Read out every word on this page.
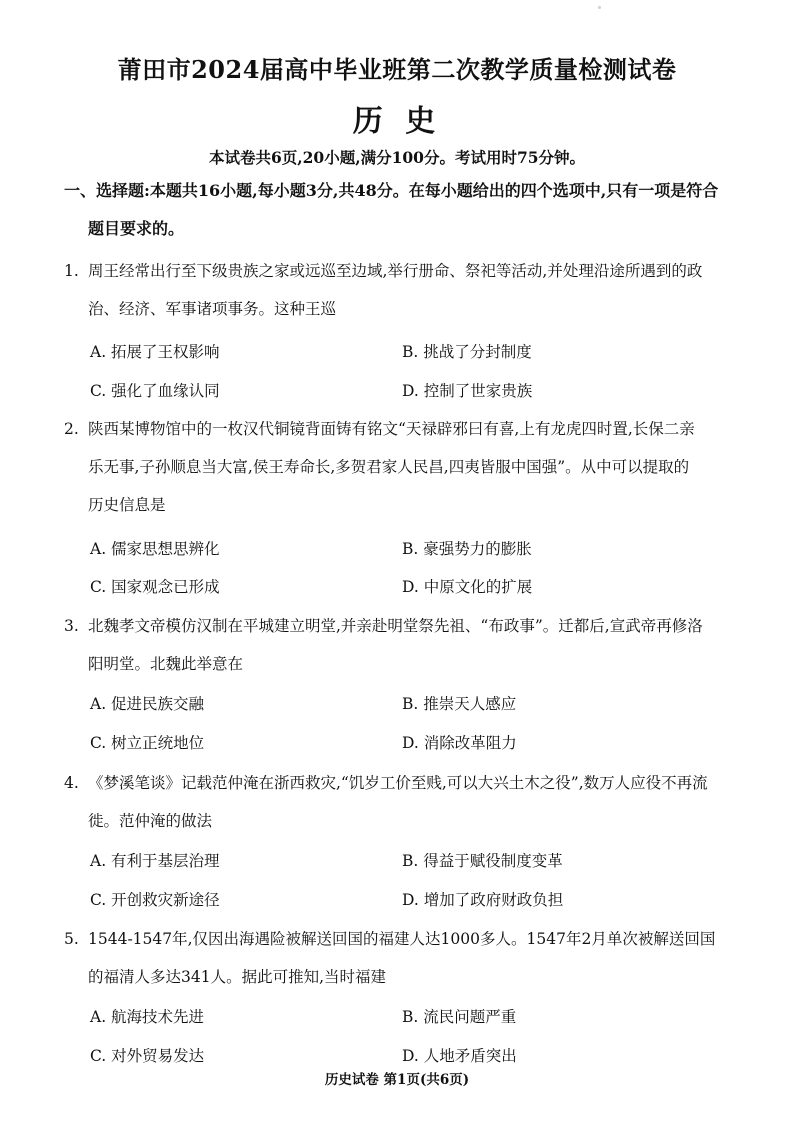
莆田市2024届高中毕业班第二次教学质量检测试卷
历 史
本试卷共6页,20小题,满分100分。考试用时75分钟。
一、选择题:本题共16小题,每小题3分,共48分。在每小题给出的四个选项中,只有一项是符合
题目要求的。
1. 周王经常出行至下级贵族之家或远巡至边域,举行册命、祭祀等活动,并处理沿途所遇到的政
治、经济、军事诸项事务。这种王巡
A. 拓展了王权影响	B. 挑战了分封制度
C. 强化了血缘认同	D. 控制了世家贵族
2. 陕西某博物馆中的一枚汉代铜镜背面铸有铭文“天禄辟邪曰有喜,上有龙虎四时置,长保二亲
乐无事,子孙顺息当大富,侯王寿命长,多贺君家人民昌,四夷皆服中国强”。从中可以提取的
历史信息是
A. 儒家思想思辨化	B. 豪强势力的膨胀
C. 国家观念已形成	D. 中原文化的扩展
3. 北魏孝文帝模仿汉制在平城建立明堂,并亲赴明堂祭先祖、“布政事”。迁都后,宣武帝再修洛
阳明堂。北魏此举意在
A. 促进民族交融	B. 推崇天人感应
C. 树立正统地位	D. 消除改革阻力
4. 《梦溪笔谈》记载范仲淹在浙西救灾,“饥岁工价至贱,可以大兴土木之役”,数万人应役不再流
徙。范仲淹的做法
A. 有利于基层治理	B. 得益于赋役制度变革
C. 开创救灾新途径	D. 增加了政府财政负担
5. 1544-1547年,仅因出海遇险被解送回国的福建人达1000多人。1547年2月单次被解送回国
的福清人多达341人。据此可推知,当时福建
A. 航海技术先进	B. 流民问题严重
C. 对外贸易发达	D. 人地矛盾突出
历史试卷 第1页(共6页)
